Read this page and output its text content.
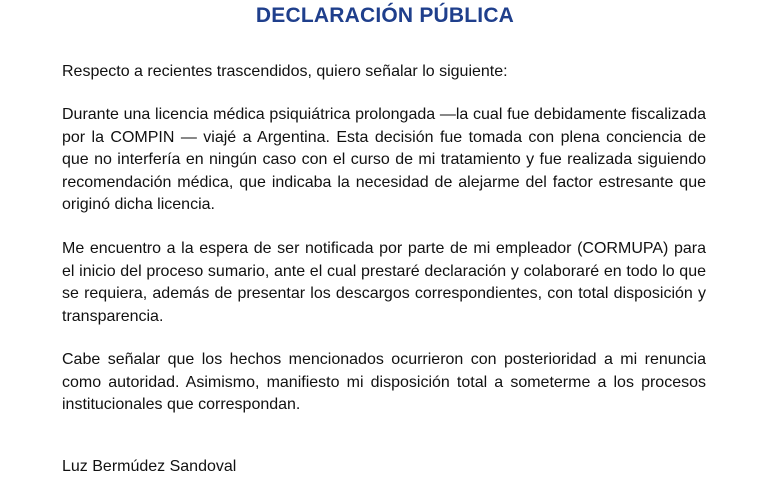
DECLARACIÓN PÚBLICA

Respecto a recientes trascendidos, quiero señalar lo siguiente:

Durante una licencia médica psiquiátrica prolongada —la cual fue debidamente fiscalizada por la COMPIN — viajé a Argentina. Esta decisión fue tomada con plena conciencia de que no interfería en ningún caso con el curso de mi tratamiento y fue realizada siguiendo recomendación médica, que indicaba la necesidad de alejarme del factor estresante que originó dicha licencia.

Me encuentro a la espera de ser notificada por parte de mi empleador (CORMUPA) para el inicio del proceso sumario, ante el cual prestaré declaración y colaboraré en todo lo que se requiera, además de presentar los descargos correspondientes, con total disposición y transparencia.

Cabe señalar que los hechos mencionados ocurrieron con posterioridad a mi renuncia como autoridad. Asimismo, manifiesto mi disposición total a someterme a los procesos institucionales que correspondan.

Luz Bermúdez Sandoval
